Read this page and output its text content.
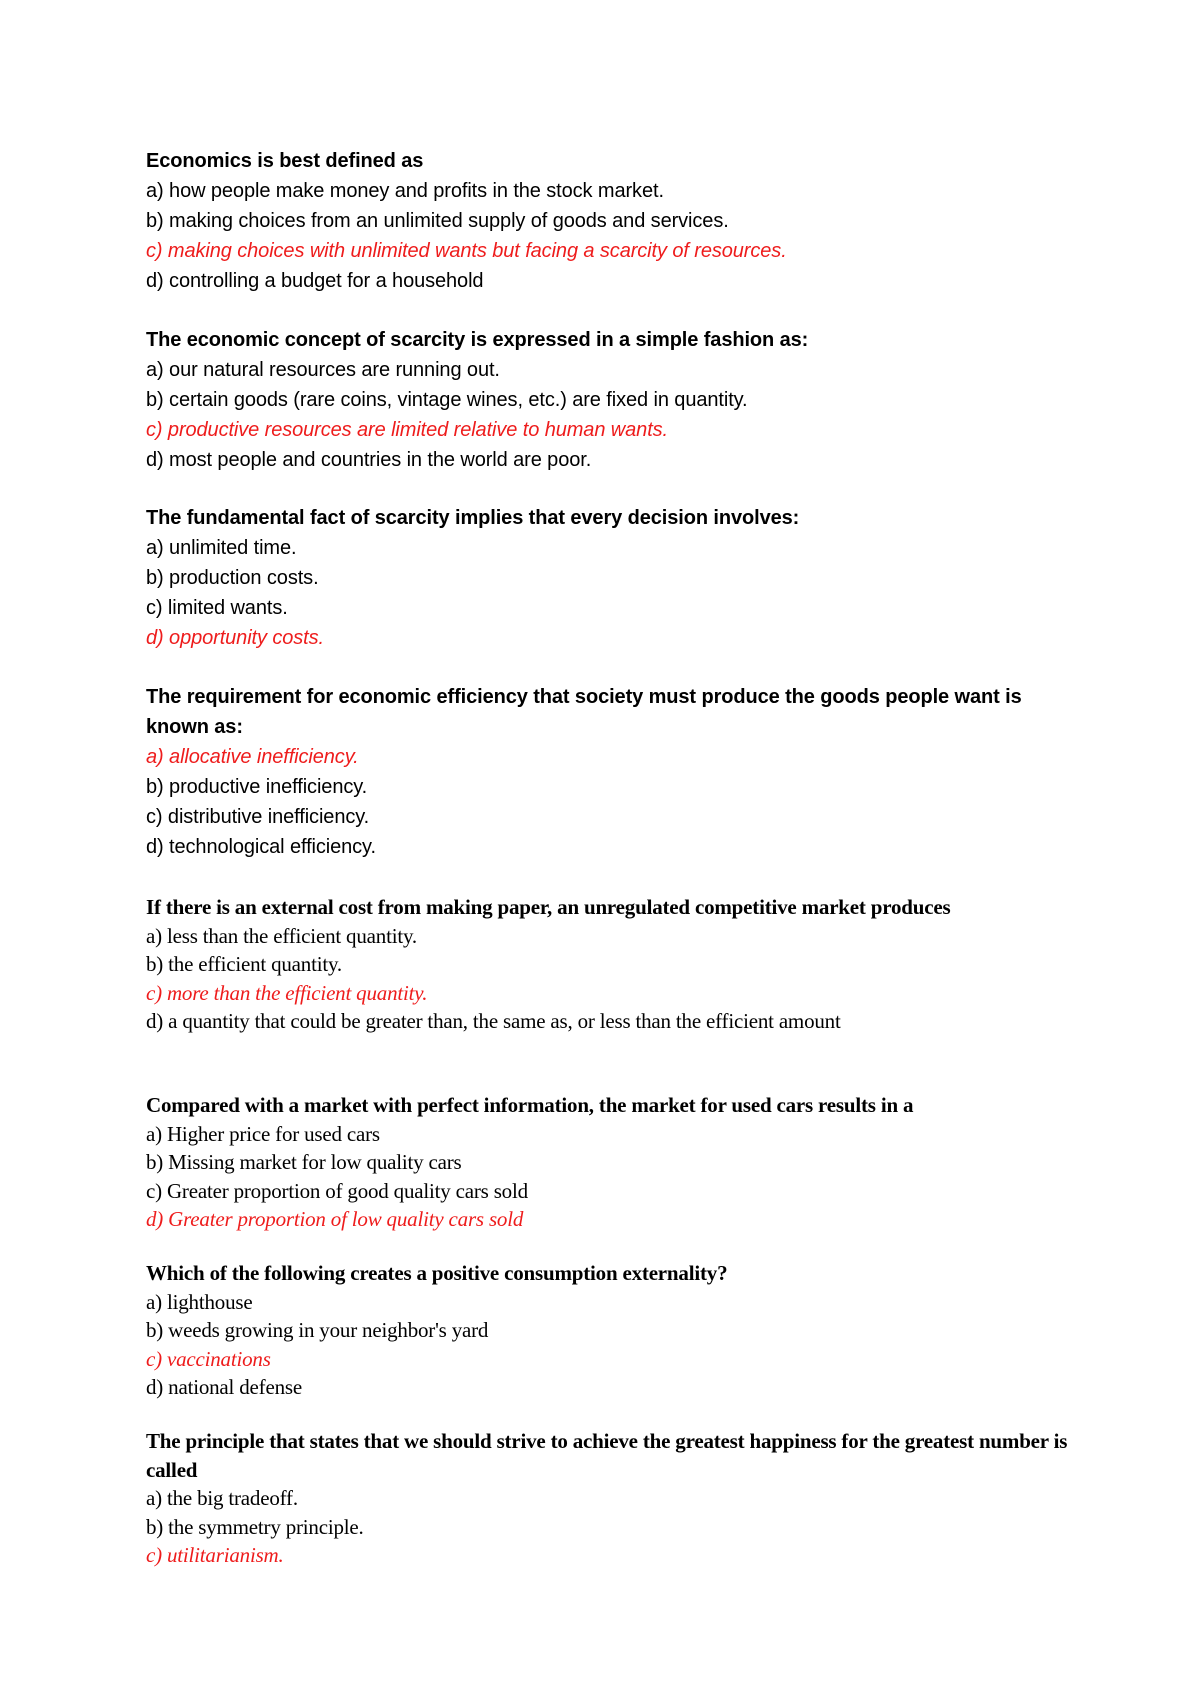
Economics is best defined as

a) how people make money and profits in the stock market.
b) making choices from an unlimited supply of goods and services.
c) making choices with unlimited wants but facing a scarcity of resources.
d) controlling a budget for a household

The economic concept of scarcity is expressed in a simple fashion as:

a) our natural resources are running out.
b) certain goods (rare coins, vintage wines, etc.) are fixed in quantity.
c) productive resources are limited relative to human wants.
d) most people and countries in the world are poor.

The fundamental fact of scarcity implies that every decision involves:

a) unlimited time.
b) production costs.
c) limited wants.
d) opportunity costs.

The requirement for economic efficiency that society must produce the goods people want is known as:

a) allocative inefficiency.
b) productive inefficiency.
c) distributive inefficiency.
d) technological efficiency.

If there is an external cost from making paper, an unregulated competitive market produces

a) less than the efficient quantity.
b) the efficient quantity.
c) more than the efficient quantity.
d) a quantity that could be greater than, the same as, or less than the efficient amount

Compared with a market with perfect information, the market for used cars results in a

a) Higher price for used cars
b) Missing market for low quality cars
c) Greater proportion of good quality cars sold
d) Greater proportion of low quality cars sold

Which of the following creates a positive consumption externality?

a) lighthouse
b) weeds growing in your neighbor's yard
c) vaccinations
d) national defense

The principle that states that we should strive to achieve the greatest happiness for the greatest number is called

a) the big tradeoff.
b) the symmetry principle.
c) utilitarianism.
